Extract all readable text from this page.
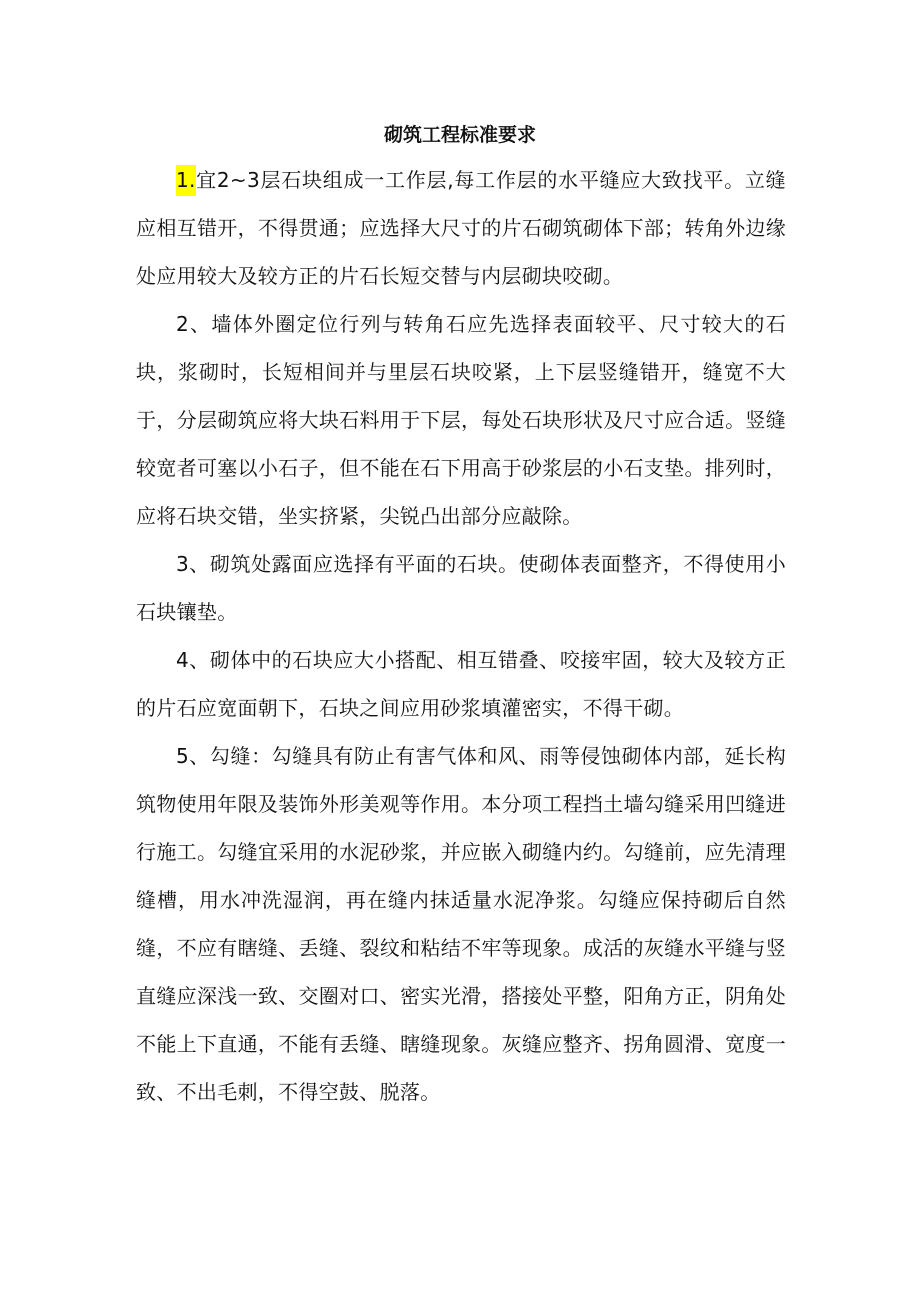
砌筑工程标准要求

1.宜2~3层石块组成一工作层,每工作层的水平缝应大致找平。立缝应相互错开，不得贯通；应选择大尺寸的片石砌筑砌体下部；转角外边缘处应用较大及较方正的片石长短交替与内层砌块咬砌。

2、墙体外圈定位行列与转角石应先选择表面较平、尺寸较大的石块，浆砌时，长短相间并与里层石块咬紧，上下层竖缝错开，缝宽不大于，分层砌筑应将大块石料用于下层，每处石块形状及尺寸应合适。竖缝较宽者可塞以小石子，但不能在石下用高于砂浆层的小石支垫。排列时，应将石块交错，坐实挤紧，尖锐凸出部分应敲除。

3、砌筑处露面应选择有平面的石块。使砌体表面整齐，不得使用小石块镶垫。

4、砌体中的石块应大小搭配、相互错叠、咬接牢固，较大及较方正的片石应宽面朝下，石块之间应用砂浆填灌密实，不得干砌。

5、勾缝：勾缝具有防止有害气体和风、雨等侵蚀砌体内部，延长构筑物使用年限及装饰外形美观等作用。本分项工程挡土墙勾缝采用凹缝进行施工。勾缝宜采用的水泥砂浆，并应嵌入砌缝内约。勾缝前，应先清理缝槽，用水冲洗湿润，再在缝内抹适量水泥净浆。勾缝应保持砌后自然缝，不应有瞎缝、丢缝、裂纹和粘结不牢等现象。成活的灰缝水平缝与竖直缝应深浅一致、交圈对口、密实光滑，搭接处平整，阳角方正，阴角处不能上下直通，不能有丢缝、瞎缝现象。灰缝应整齐、拐角圆滑、宽度一致、不出毛刺，不得空鼓、脱落。
